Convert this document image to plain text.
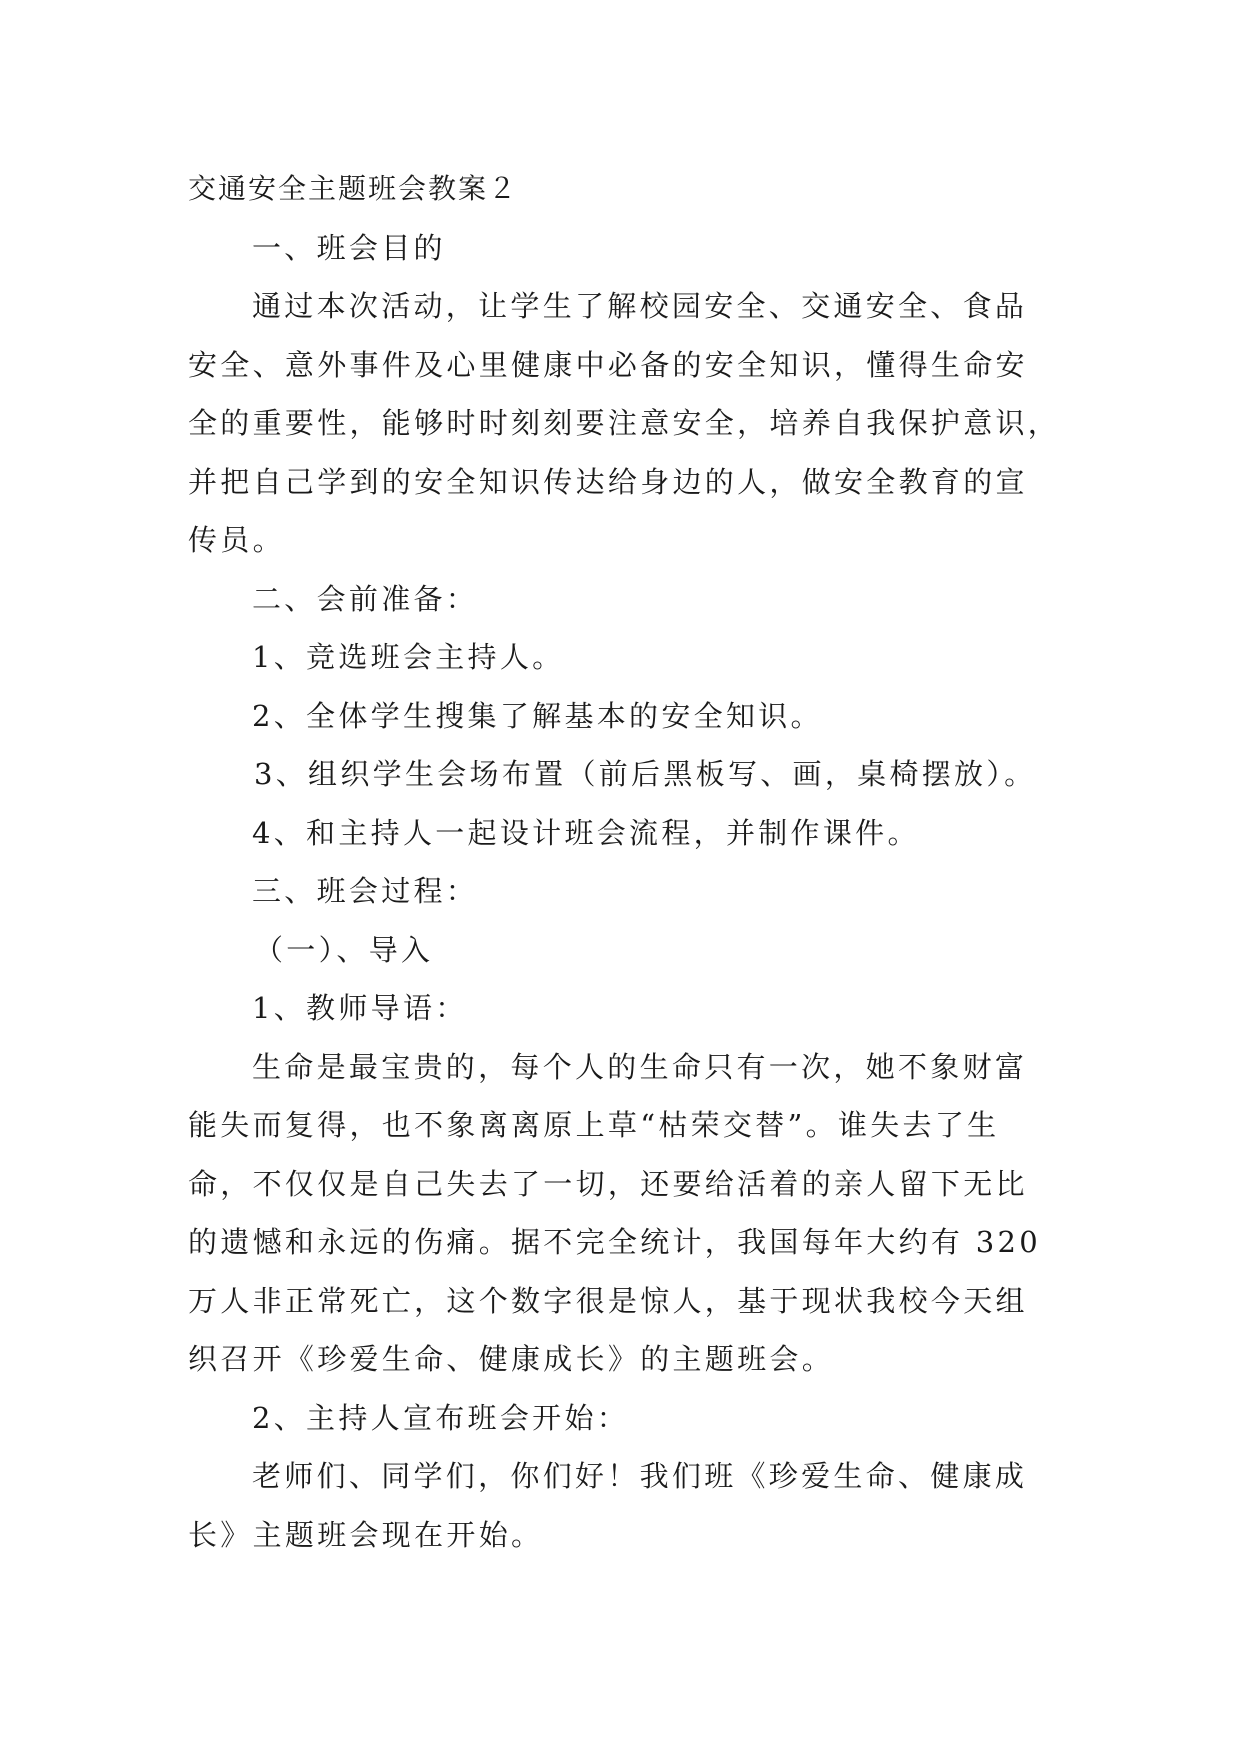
交通安全主题班会教案２

一、班会目的

通过本次活动，让学生了解校园安全、交通安全、食品

安全、意外事件及心里健康中必备的安全知识，懂得生命安

全的重要性，能够时时刻刻要注意安全，培养自我保护意识，

并把自己学到的安全知识传达给身边的人，做安全教育的宣

传员。

二、会前准备：

1、竞选班会主持人。

2、全体学生搜集了解基本的安全知识。

3、组织学生会场布置（前后黑板写、画，桌椅摆放）。

4、和主持人一起设计班会流程，并制作课件。

三、班会过程：

（一）、导入

1、教师导语：

生命是最宝贵的，每个人的生命只有一次，她不象财富

能失而复得，也不象离离原上草“枯荣交替”。谁失去了生

命，不仅仅是自己失去了一切，还要给活着的亲人留下无比

的遗憾和永远的伤痛。据不完全统计，我国每年大约有 320

万人非正常死亡，这个数字很是惊人，基于现状我校今天组

织召开《珍爱生命、健康成长》的主题班会。

2、主持人宣布班会开始：

老师们、同学们，你们好！我们班《珍爱生命、健康成

长》主题班会现在开始。
